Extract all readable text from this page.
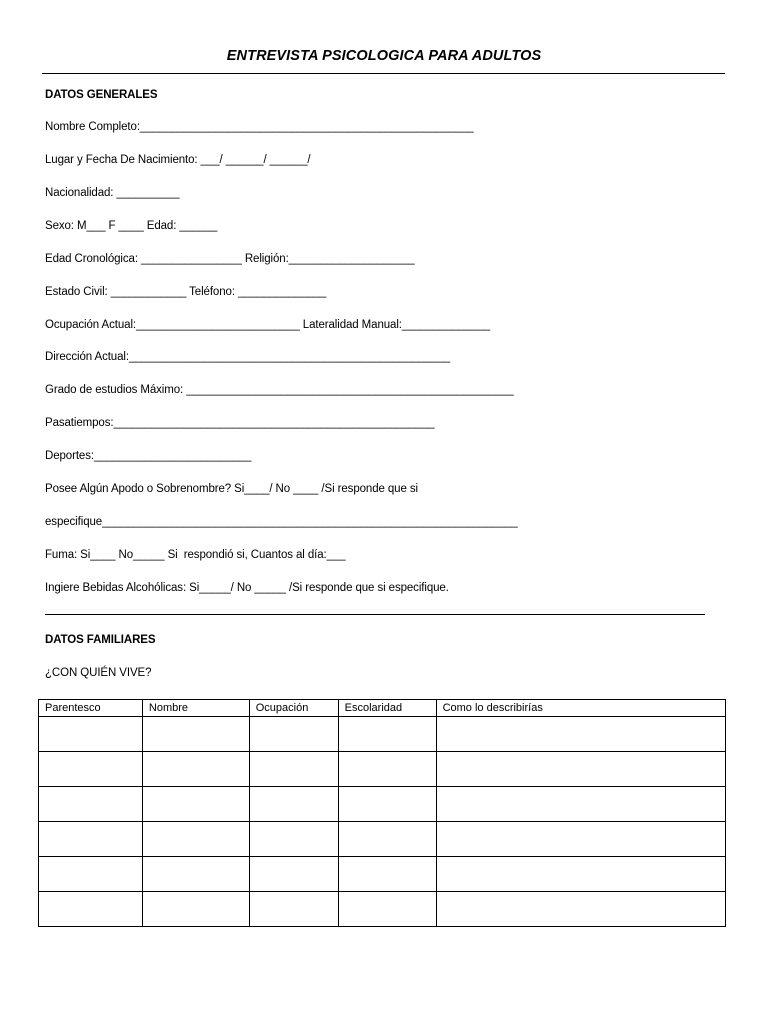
ENTREVISTA PSICOLOGICA PARA ADULTOS
DATOS GENERALES
Nombre Completo:_____________________________________________________
Lugar y Fecha De Nacimiento: ___/ ______/ ______/
Nacionalidad: __________
Sexo: M___ F ____ Edad: ______
Edad Cronológica: ________________ Religión:____________________
Estado Civil: ____________ Teléfono: ______________
Ocupación Actual:__________________________ Lateralidad Manual:______________
Dirección Actual:___________________________________________________
Grado de estudios Máximo: ____________________________________________________
Pasatiempos:___________________________________________________
Deportes:_________________________
Posee Algún Apodo o Sobrenombre? Si____/ No ____ /Si responde que si
especifique__________________________________________________________________
Fuma: Si____ No_____ Si  respondió si, Cuantos al día:___
Ingiere Bebidas Alcohólicas: Si_____/ No _____ /Si responde que si especifique.
DATOS FAMILIARES
¿CON QUIÉN VIVE?
Parentesco	Nombre	Ocupación	Escolaridad	Como lo describirías
